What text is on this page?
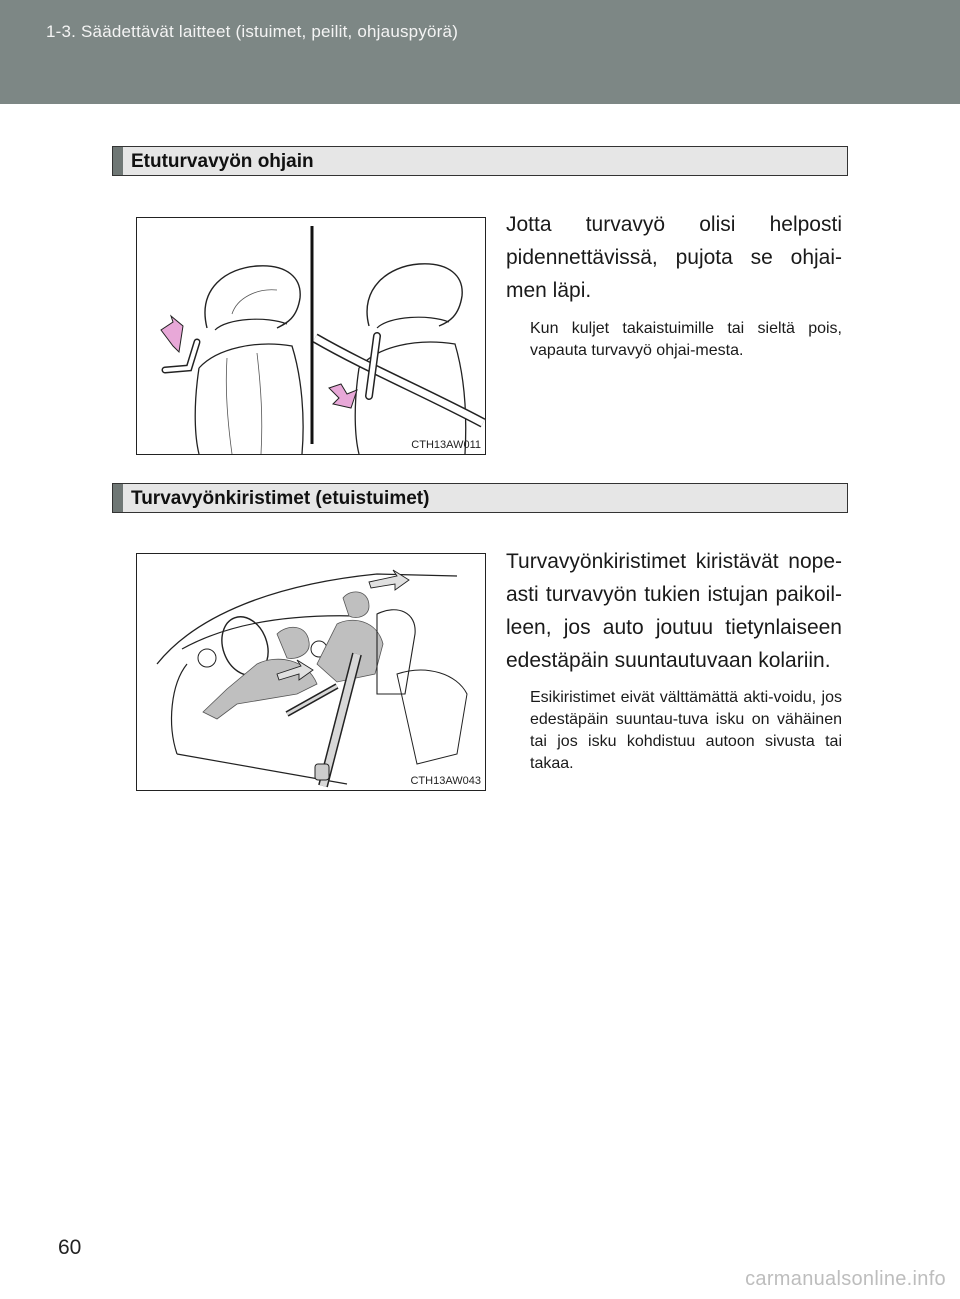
1-3. Säädettävät laitteet (istuimet, peilit, ohjauspyörä)
Etuturvavyön ohjain
CTH13AW011
Jotta turvavyö olisi helposti pidennettävissä, pujota se ohjai-men läpi.
Kun kuljet takaistuimille tai sieltä pois, vapauta turvavyö ohjai-mesta.
Turvavyönkiristimet (etuistuimet)
CTH13AW043
Turvavyönkiristimet kiristävät nope-asti turvavyön tukien istujan paikoil-leen, jos auto joutuu tietynlaiseen edestäpäin suuntautuvaan kolariin.
Esikiristimet eivät välttämättä akti-voidu, jos edestäpäin suuntau-tuva isku on vähäinen tai jos isku kohdistuu autoon sivusta tai takaa.
60
carmanualsonline.info
